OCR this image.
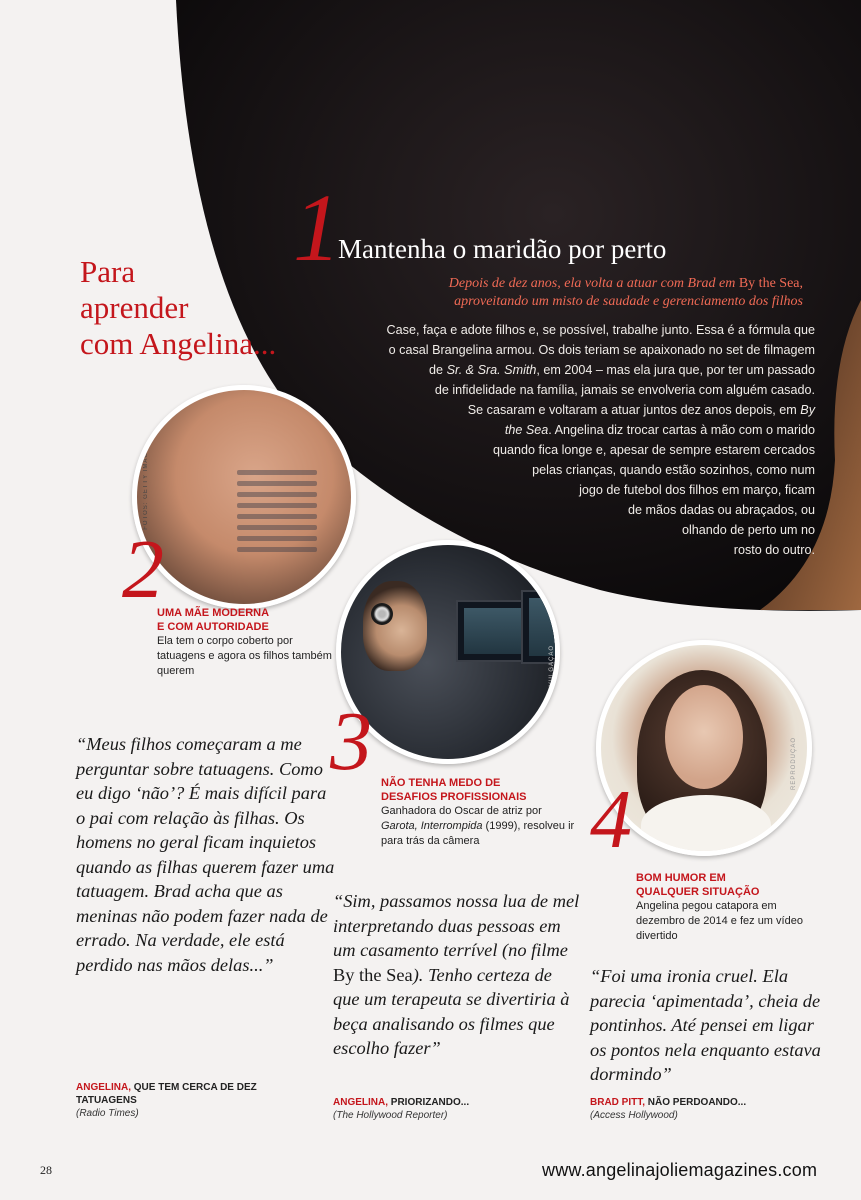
Para
aprender
com Angelina...
1
Mantenha o maridão por perto
Depois de dez anos, ela volta a atuar com Brad em By the Sea,
aproveitando um misto de saudade e gerenciamento dos filhos
Case, faça e adote filhos e, se possível, trabalhe junto. Essa é a fórmula que
o casal Brangelina armou. Os dois teriam se apaixonado no set de filmagem
de Sr. & Sra. Smith, em 2004 – mas ela jura que, por ter um passado
de infidelidade na família, jamais se envolveria com alguém casado.
Se casaram e voltaram a atuar juntos dez anos depois, em By
the Sea. Angelina diz trocar cartas à mão com o marido
quando fica longe e, apesar de sempre estarem cercados
pelas crianças, quando estão sozinhos, como num
jogo de futebol dos filhos em março, ficam
de mãos dadas ou abraçados, ou
olhando de perto um no
rosto do outro.
FOTOS: GETTY IMAGES
DIVULGAÇÃO
REPRODUÇÃO
2
3
4
UMA MÃE MODERNA
E COM AUTORIDADE
Ela tem o corpo coberto por tatuagens e agora os filhos também querem
NÃO TENHA MEDO DE
DESAFIOS PROFISSIONAIS
Ganhadora do Oscar de atriz por Garota, Interrompida (1999), resolveu ir para trás da câmera
BOM HUMOR EM
QUALQUER SITUAÇÃO
Angelina pegou catapora em dezembro de 2014 e fez um vídeo divertido
“Meus filhos começaram a me perguntar sobre tatuagens. Como eu digo ‘não’? É mais difícil para o pai com relação às filhas. Os homens no geral ficam inquietos quando as filhas querem fazer uma tatuagem. Brad acha que as meninas não podem fazer nada de errado. Na verdade, ele está perdido nas mãos delas...”
ANGELINA, QUE TEM CERCA DE DEZ TATUAGENS
(Radio Times)
“Sim, passamos nossa lua de mel interpretando duas pessoas em um casamento terrível (no filme By the Sea). Tenho certeza de que um terapeuta se divertiria à beça analisando os filmes que escolho fazer”
ANGELINA, PRIORIZANDO...
(The Hollywood Reporter)
“Foi uma ironia cruel. Ela parecia ‘apimentada’, cheia de pontinhos. Até pensei em ligar os pontos nela enquanto estava dormindo”
BRAD PITT, NÃO PERDOANDO...
(Access Hollywood)
28	www.angelinajoliemagazines.com
